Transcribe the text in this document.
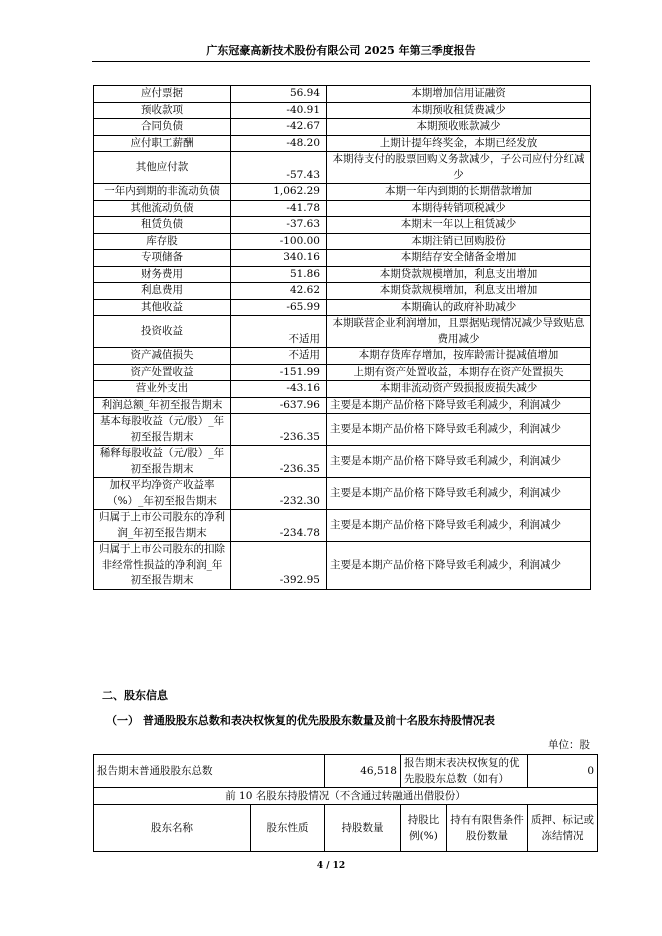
广东冠豪高新技术股份有限公司 2025 年第三季度报告
应付票据	56.94	本期增加信用证融资
预收款项	-40.91	本期预收租赁费减少
合同负债	-42.67	本期预收账款减少
应付职工薪酬	-48.20	上期计提年终奖金，本期已经发放
其他应付款	-57.43	本期待支付的股票回购义务款减少，子公司应付分红减少
一年内到期的非流动负债	1,062.29	本期一年内到期的长期借款增加
其他流动负债	-41.78	本期待转销项税减少
租赁负债	-37.63	本期末一年以上租赁减少
库存股	-100.00	本期注销已回购股份
专项储备	340.16	本期结存安全储备金增加
财务费用	51.86	本期贷款规模增加，利息支出增加
利息费用	42.62	本期贷款规模增加，利息支出增加
其他收益	-65.99	本期确认的政府补助减少
投资收益	不适用	本期联营企业利润增加，且票据贴现情况减少导致贴息费用减少
资产减值损失	不适用	本期存货库存增加，按库龄需计提减值增加
资产处置收益	-151.99	上期有资产处置收益，本期存在资产处置损失
营业外支出	-43.16	本期非流动资产毁损报废损失减少
利润总额_年初至报告期末	-637.96	主要是本期产品价格下降导致毛利减少，利润减少
基本每股收益（元/股）_年初至报告期末	-236.35	主要是本期产品价格下降导致毛利减少，利润减少
稀释每股收益（元/股）_年初至报告期末	-236.35	主要是本期产品价格下降导致毛利减少，利润减少
加权平均净资产收益率（%）_年初至报告期末	-232.30	主要是本期产品价格下降导致毛利减少，利润减少
归属于上市公司股东的净利润_年初至报告期末	-234.78	主要是本期产品价格下降导致毛利减少，利润减少
归属于上市公司股东的扣除非经常性损益的净利润_年初至报告期末	-392.95	主要是本期产品价格下降导致毛利减少，利润减少
二、股东信息
（一） 普通股股东总数和表决权恢复的优先股股东数量及前十名股东持股情况表
单位：股
报告期末普通股股东总数		46,518	报告期末表决权恢复的优先股股东总数（如有）		0
前 10 名股东持股情况（不含通过转融通出借股份）					
股东名称	股东性质	持股数量	持股比例(%)	持有有限售条件股份数量	质押、标记或冻结情况
4 / 12
